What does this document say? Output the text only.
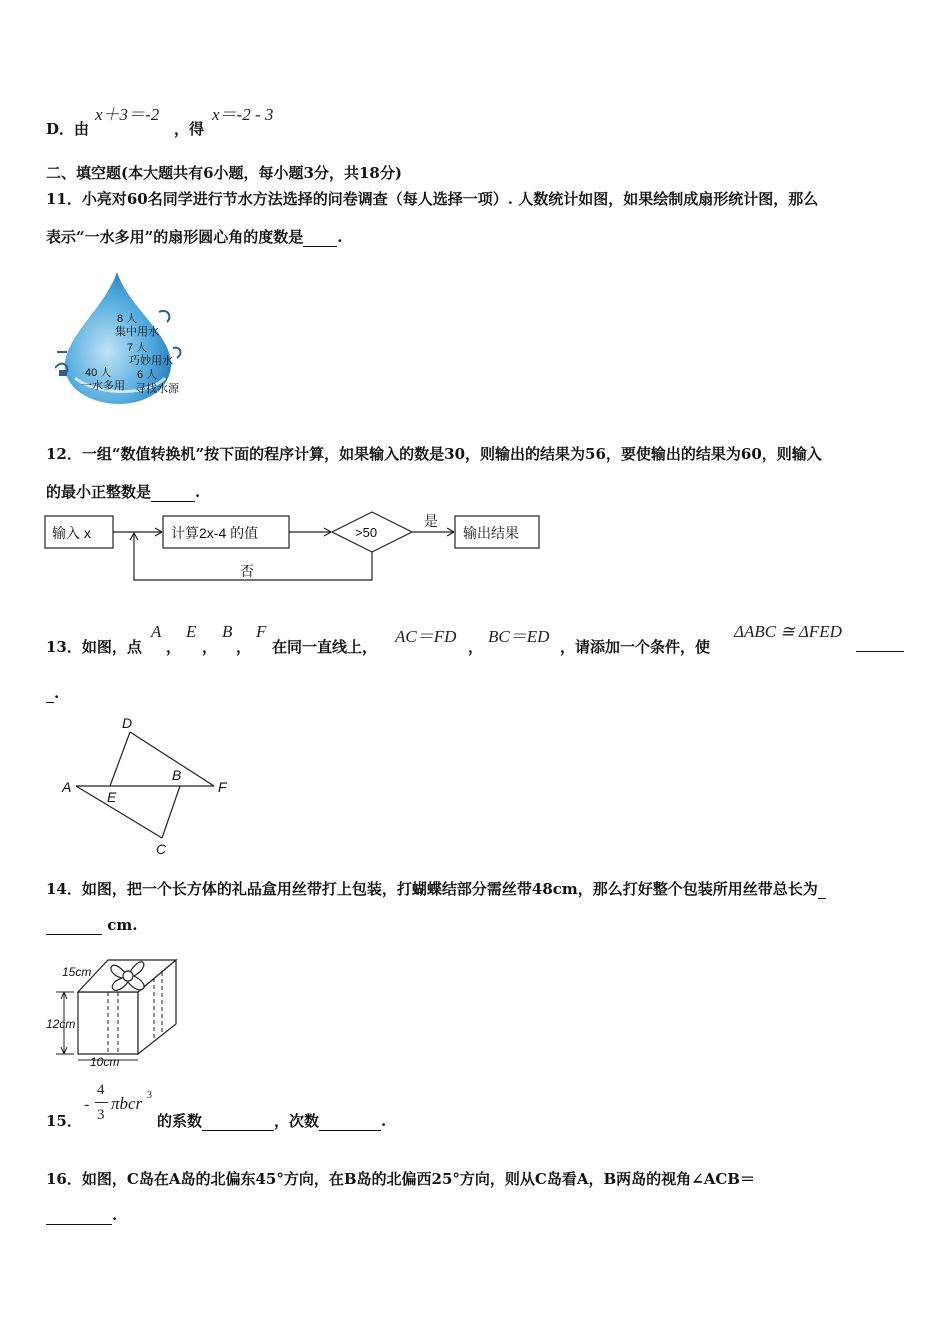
D．由
x＋3＝-2
，得
x＝-2 - 3
二、填空题(本大题共有6小题，每小题3分，共18分)
11．小亮对60名同学进行节水方法选择的问卷调查（每人选择一项）. 人数统计如图，如果绘制成扇形统计图，那么
表示“一水多用”的扇形圆心角的度数是 .
8 人
集中用水
7 人
巧妙用水
6 人
寻找水源
40 人
一水多用
12．一组“数值转换机”按下面的程序计算，如果输入的数是30，则输出的结果为56，要使输出的结果为60，则输入
的最小正整数是	.
输入 x	计算2x-4 的值	>50
是
输出结果
否
13．如图，点
A
，
E
，
B
，
F
在同一直线上，
AC＝FD
，
BC＝ED
，请添加一个条件，使
ΔABC ≅ ΔFED
.
D
A
E
B
F
C
14．如图，把一个长方体的礼品盒用丝带打上包装，打蝴蝶结部分需丝带48cm，那么打好整个包装所用丝带总长为
cm.
10cm
12cm
15cm
15．
-
4
3
πbcr 3
的系数	，次数	.
16．如图，C岛在A岛的北偏东45°方向，在B岛的北偏西25°方向，则从C岛看A，B两岛的视角∠ACB＝
.
